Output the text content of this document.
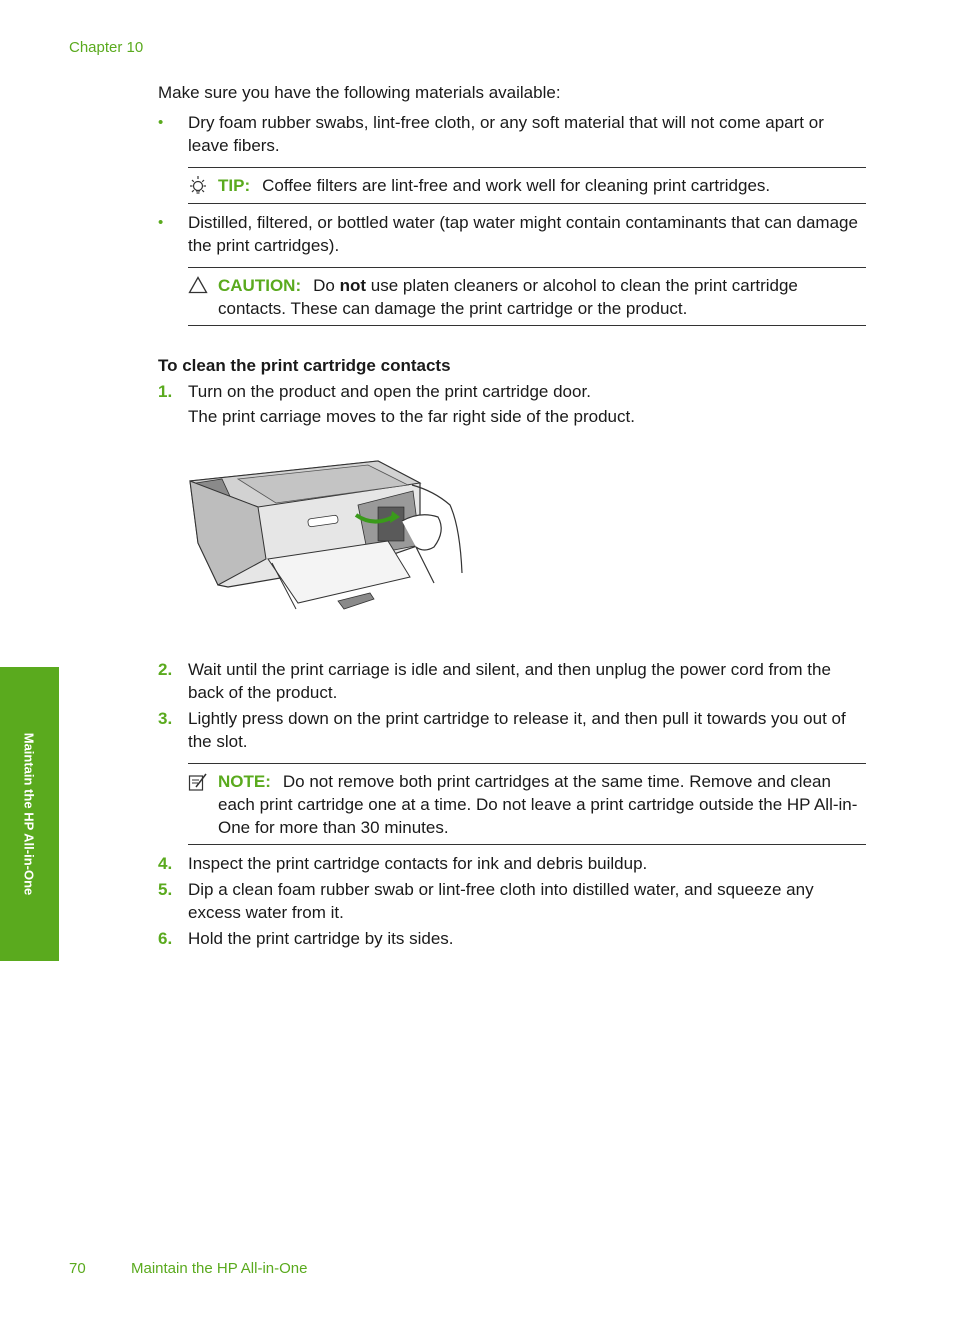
Chapter 10
Make sure you have the following materials available:
• Dry foam rubber swabs, lint-free cloth, or any soft material that will not come apart or leave fibers.
TIP: Coffee filters are lint-free and work well for cleaning print cartridges.
• Distilled, filtered, or bottled water (tap water might contain contaminants that can damage the print cartridges).
CAUTION: Do not use platen cleaners or alcohol to clean the print cartridge contacts. These can damage the print cartridge or the product.
To clean the print cartridge contacts
1. Turn on the product and open the print cartridge door.
The print carriage moves to the far right side of the product.
2. Wait until the print carriage is idle and silent, and then unplug the power cord from the back of the product.
3. Lightly press down on the print cartridge to release it, and then pull it towards you out of the slot.
NOTE: Do not remove both print cartridges at the same time. Remove and clean each print cartridge one at a time. Do not leave a print cartridge outside the HP All-in-One for more than 30 minutes.
4. Inspect the print cartridge contacts for ink and debris buildup.
5. Dip a clean foam rubber swab or lint-free cloth into distilled water, and squeeze any excess water from it.
6. Hold the print cartridge by its sides.
Maintain the HP All-in-One
70	Maintain the HP All-in-One
